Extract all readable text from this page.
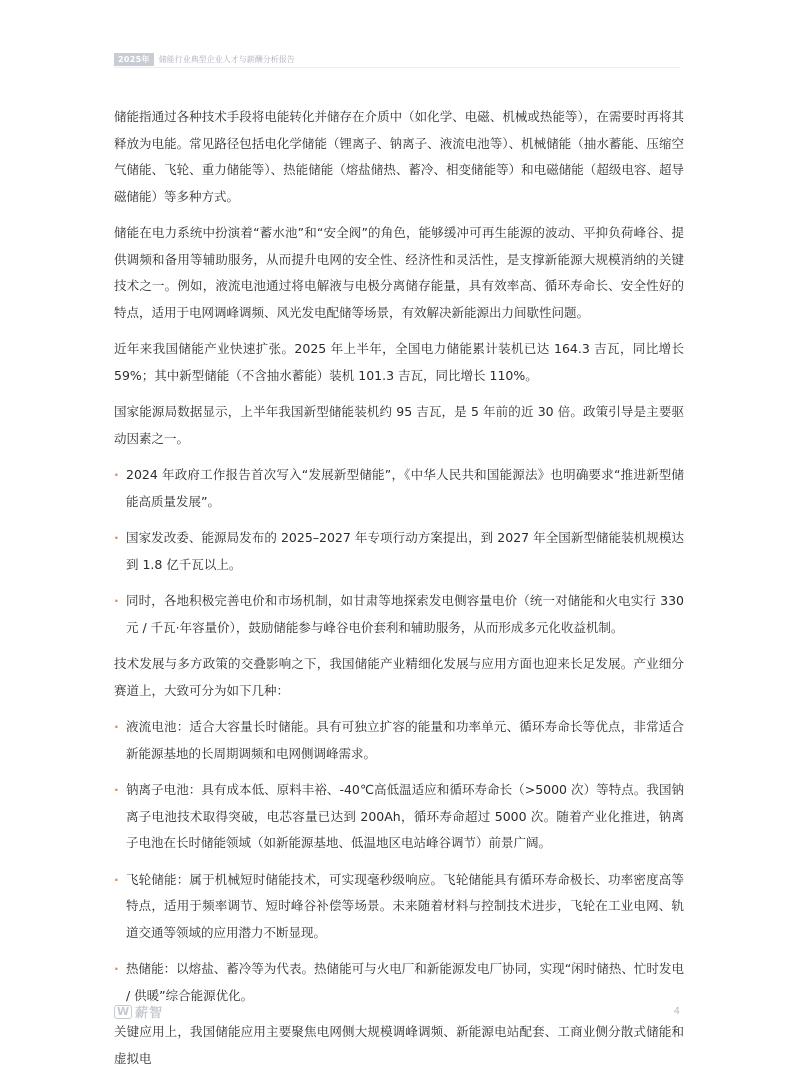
2025年	储能行业典型企业人才与薪酬分析报告

储能指通过各种技术手段将电能转化并储存在介质中（如化学、电磁、机械或热能等），在需要时再将其释放为电能。常见路径包括电化学储能（锂离子、钠离子、液流电池等）、机械储能（抽水蓄能、压缩空气储能、飞轮、重力储能等）、热能储能（熔盐储热、蓄冷、相变储能等）和电磁储能（超级电容、超导磁储能）等多种方式。

储能在电力系统中扮演着“蓄水池”和“安全阀”的角色，能够缓冲可再生能源的波动、平抑负荷峰谷、提供调频和备用等辅助服务，从而提升电网的安全性、经济性和灵活性，是支撑新能源大规模消纳的关键技术之一。例如，液流电池通过将电解液与电极分离储存能量，具有效率高、循环寿命长、安全性好的特点，适用于电网调峰调频、风光发电配储等场景，有效解决新能源出力间歇性问题。

近年来我国储能产业快速扩张。2025 年上半年，全国电力储能累计装机已达 164.3 吉瓦，同比增长 59%；其中新型储能（不含抽水蓄能）装机 101.3 吉瓦，同比增长 110%。

国家能源局数据显示，上半年我国新型储能装机约 95 吉瓦，是 5 年前的近 30 倍。政策引导是主要驱动因素之一。

· 2024 年政府工作报告首次写入“发展新型储能”，《中华人民共和国能源法》也明确要求“推进新型储能高质量发展”。
· 国家发改委、能源局发布的 2025–2027 年专项行动方案提出，到 2027 年全国新型储能装机规模达到 1.8 亿千瓦以上。
· 同时，各地积极完善电价和市场机制，如甘肃等地探索发电侧容量电价（统一对储能和火电实行 330 元 / 千瓦·年容量价），鼓励储能参与峰谷电价套利和辅助服务，从而形成多元化收益机制。

技术发展与多方政策的交叠影响之下，我国储能产业精细化发展与应用方面也迎来长足发展。产业细分赛道上，大致可分为如下几种：

· 液流电池：适合大容量长时储能。具有可独立扩容的能量和功率单元、循环寿命长等优点，非常适合新能源基地的长周期调频和电网侧调峰需求。
· 钠离子电池：具有成本低、原料丰裕、-40℃高低温适应和循环寿命长（>5000 次）等特点。我国钠离子电池技术取得突破，电芯容量已达到 200Ah，循环寿命超过 5000 次。随着产业化推进，钠离子电池在长时储能领域（如新能源基地、低温地区电站峰谷调节）前景广阔。
· 飞轮储能：属于机械短时储能技术，可实现毫秒级响应。飞轮储能具有循环寿命极长、功率密度高等特点，适用于频率调节、短时峰谷补偿等场景。未来随着材料与控制技术进步，飞轮在工业电网、轨道交通等领域的应用潜力不断显现。
· 热储能：以熔盐、蓄冷等为代表。热储能可与火电厂和新能源发电厂协同，实现“闲时储热、忙时发电 / 供暖”综合能源优化。

关键应用上，我国储能应用主要聚焦电网侧大规模调峰调频、新能源电站配套、工商业侧分散式储能和虚拟电

W 薪智	4
